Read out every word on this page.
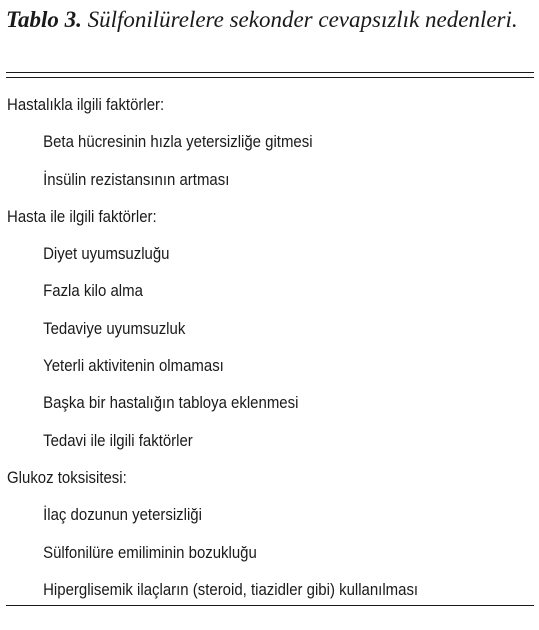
Tablo 3. Sülfonilürelere sekonder cevapsızlık nedenleri.

Hastalıkla ilgili faktörler:
Beta hücresinin hızla yetersizliğe gitmesi
İnsülin rezistansının artması
Hasta ile ilgili faktörler:
Diyet uyumsuzluğu
Fazla kilo alma
Tedaviye uyumsuzluk
Yeterli aktivitenin olmaması
Başka bir hastalığın tabloya eklenmesi
Tedavi ile ilgili faktörler
Glukoz toksisitesi:
İlaç dozunun yetersizliği
Sülfonilüre emiliminin bozukluğu
Hiperglisemik ilaçların (steroid, tiazidler gibi) kullanılması
